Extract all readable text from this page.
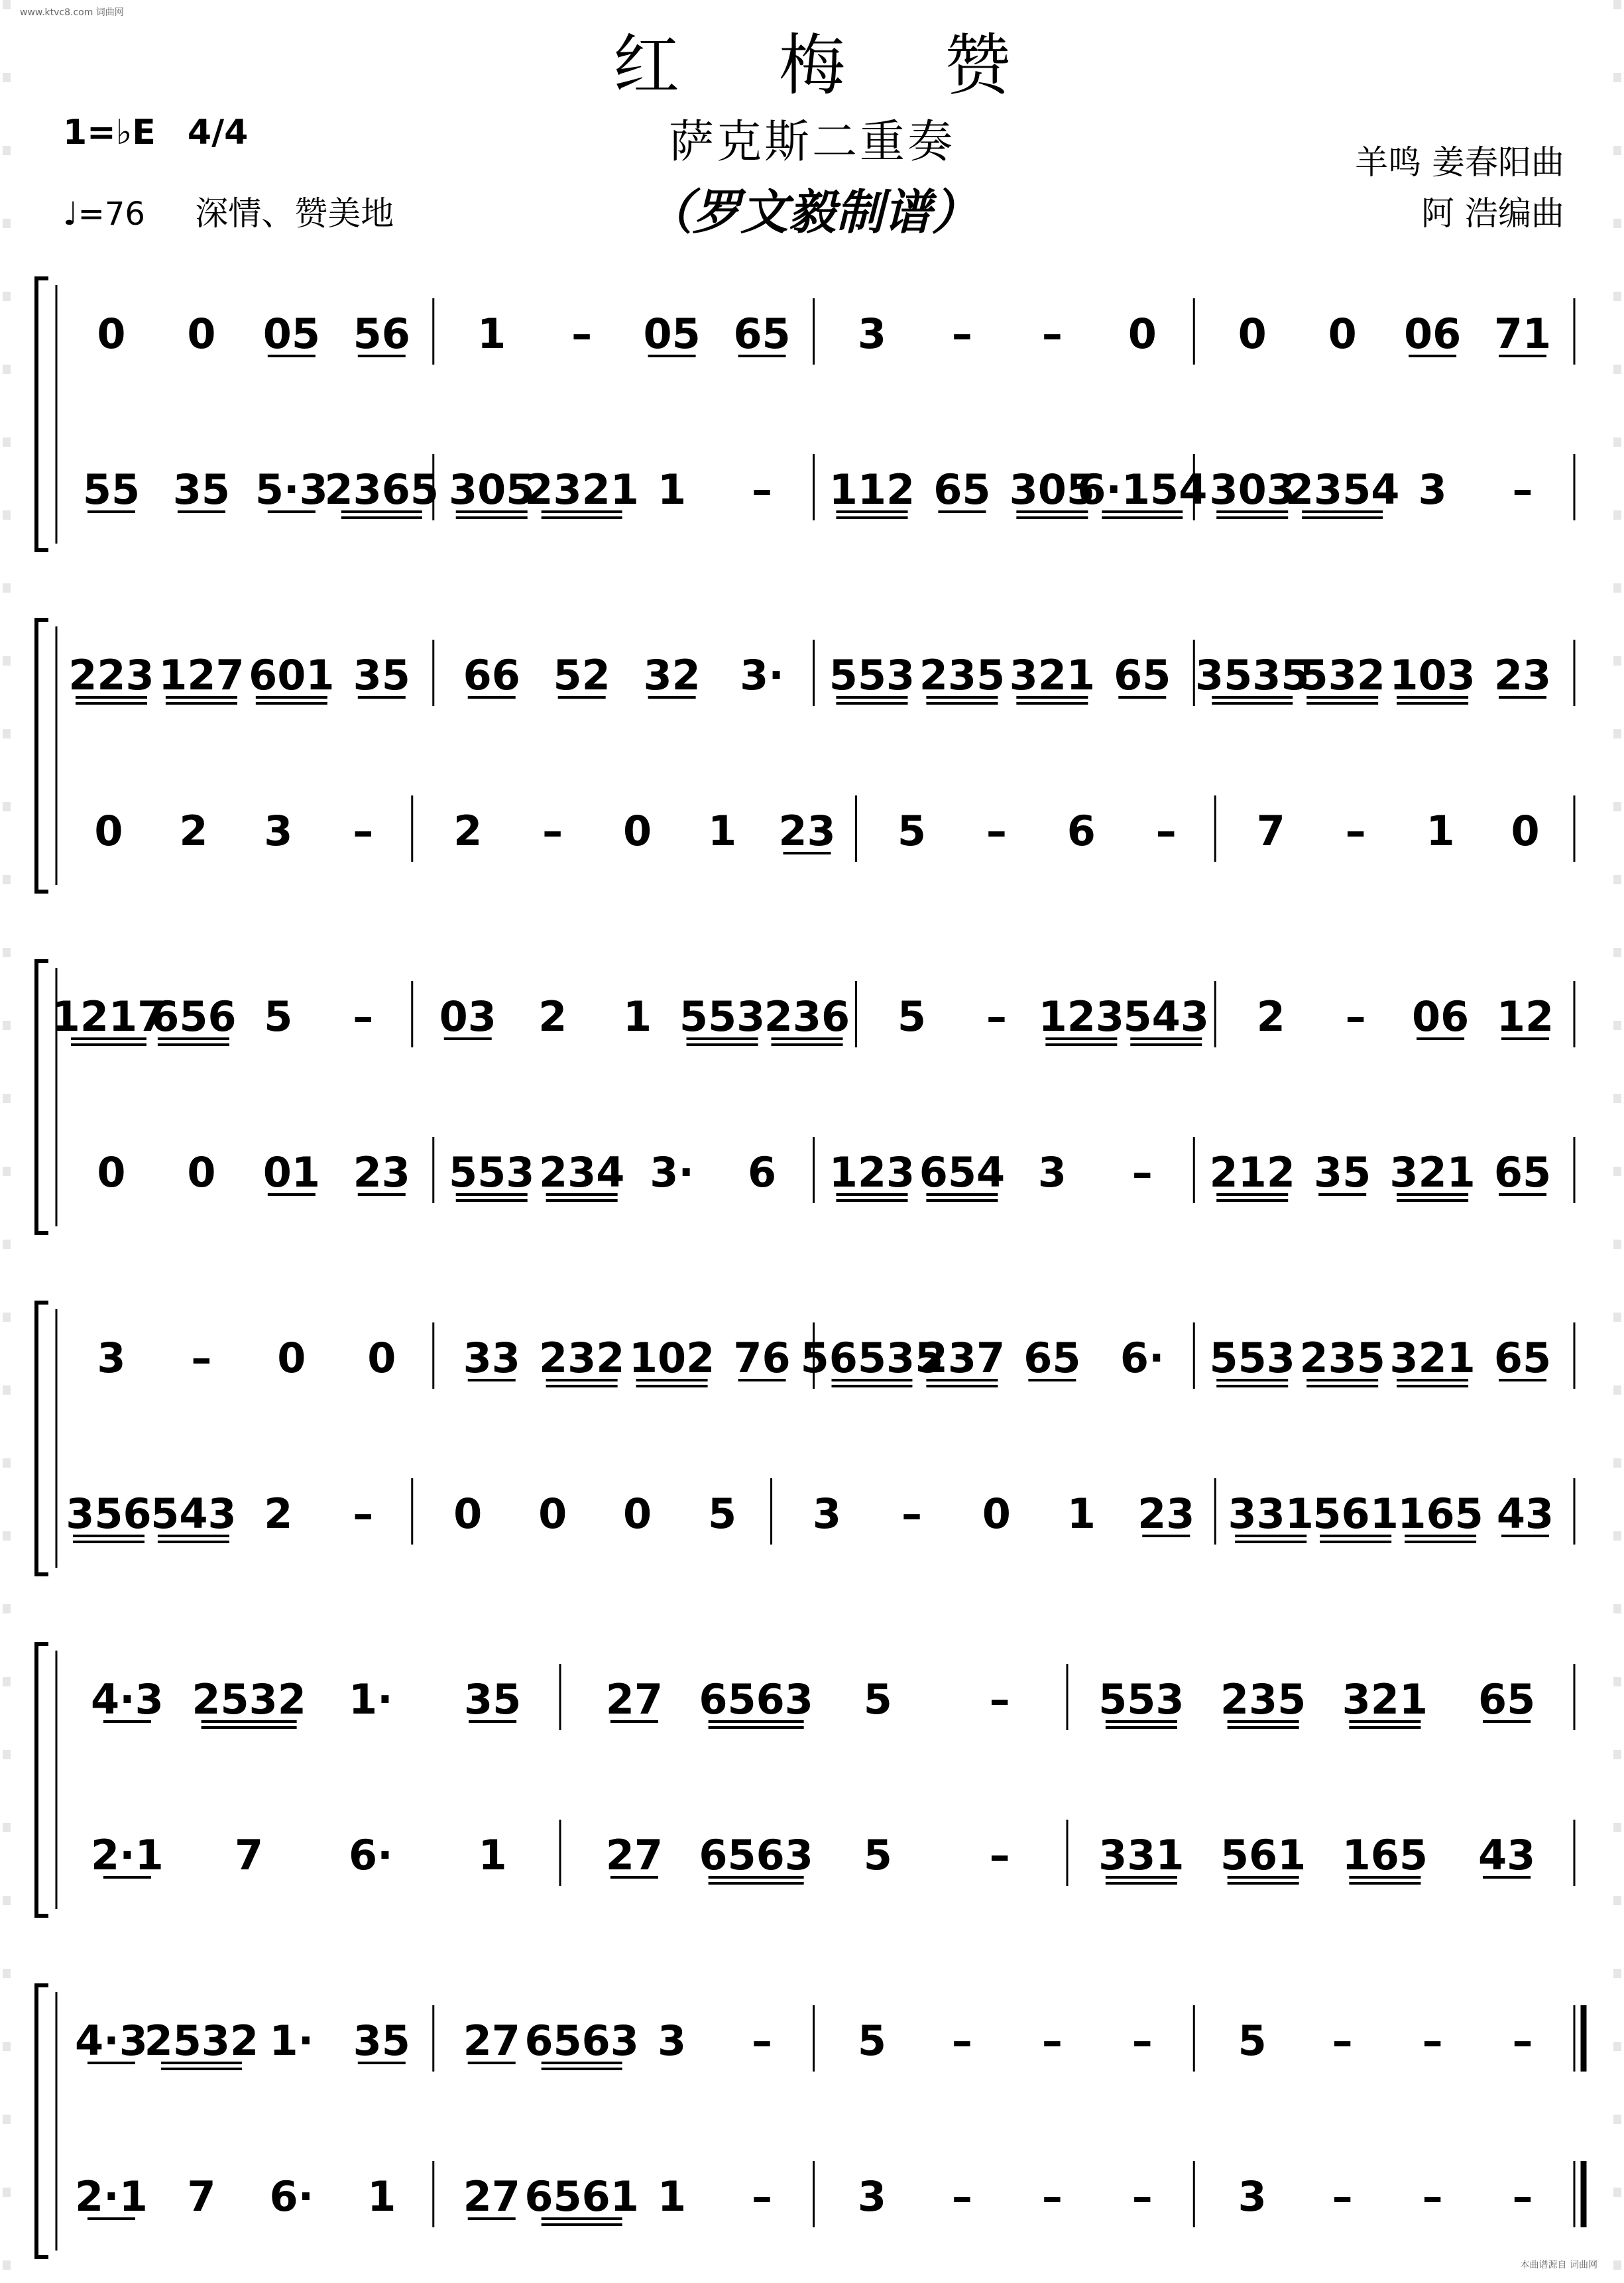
www.ktvc8.com 词曲网
红梅赞
萨克斯二重奏
（罗文毅制谱）
1=♭E 4/4
♩=76 深情、赞美地
羊鸣 姜春阳曲
阿 浩编曲
0 0 05 56 1 – 05 65 3 – – 0 0 0 06 71
55 35 5·3
2365 305
2321 1 – 112 65 305
6·154 303
2354 3 –
223 127 601 35 66 52 32 3· 553 235 321 65 3535
532 103 23
0 2 3 – 2 – 0 1 23 5 – 6 – 7 – 1 0
1217
656 5 – 03 2 1 553
236 5 – 123
543 2 – 06 12
0 0 01 23 553 234 3· 6 123 654 3 – 212 35 321 65
3 – 0 0 33 232 102 76 56535
237 65 6· 553 235 321 65
356
543 2 – 0 0 0 5 3 – 0 1 23 331
561
165 43
4·3 2532 1· 35 27 6563 5 – 553 235 321 65
2·1 7 6· 1 27 6563 5 – 331 561 165 43
4·3
2532 1· 35 27 6563 3 – 5 – – – 5 – – –
2·1 7 6· 1 27 6561 1 – 3 – – – 3 – – –
本曲谱源自 词曲网
